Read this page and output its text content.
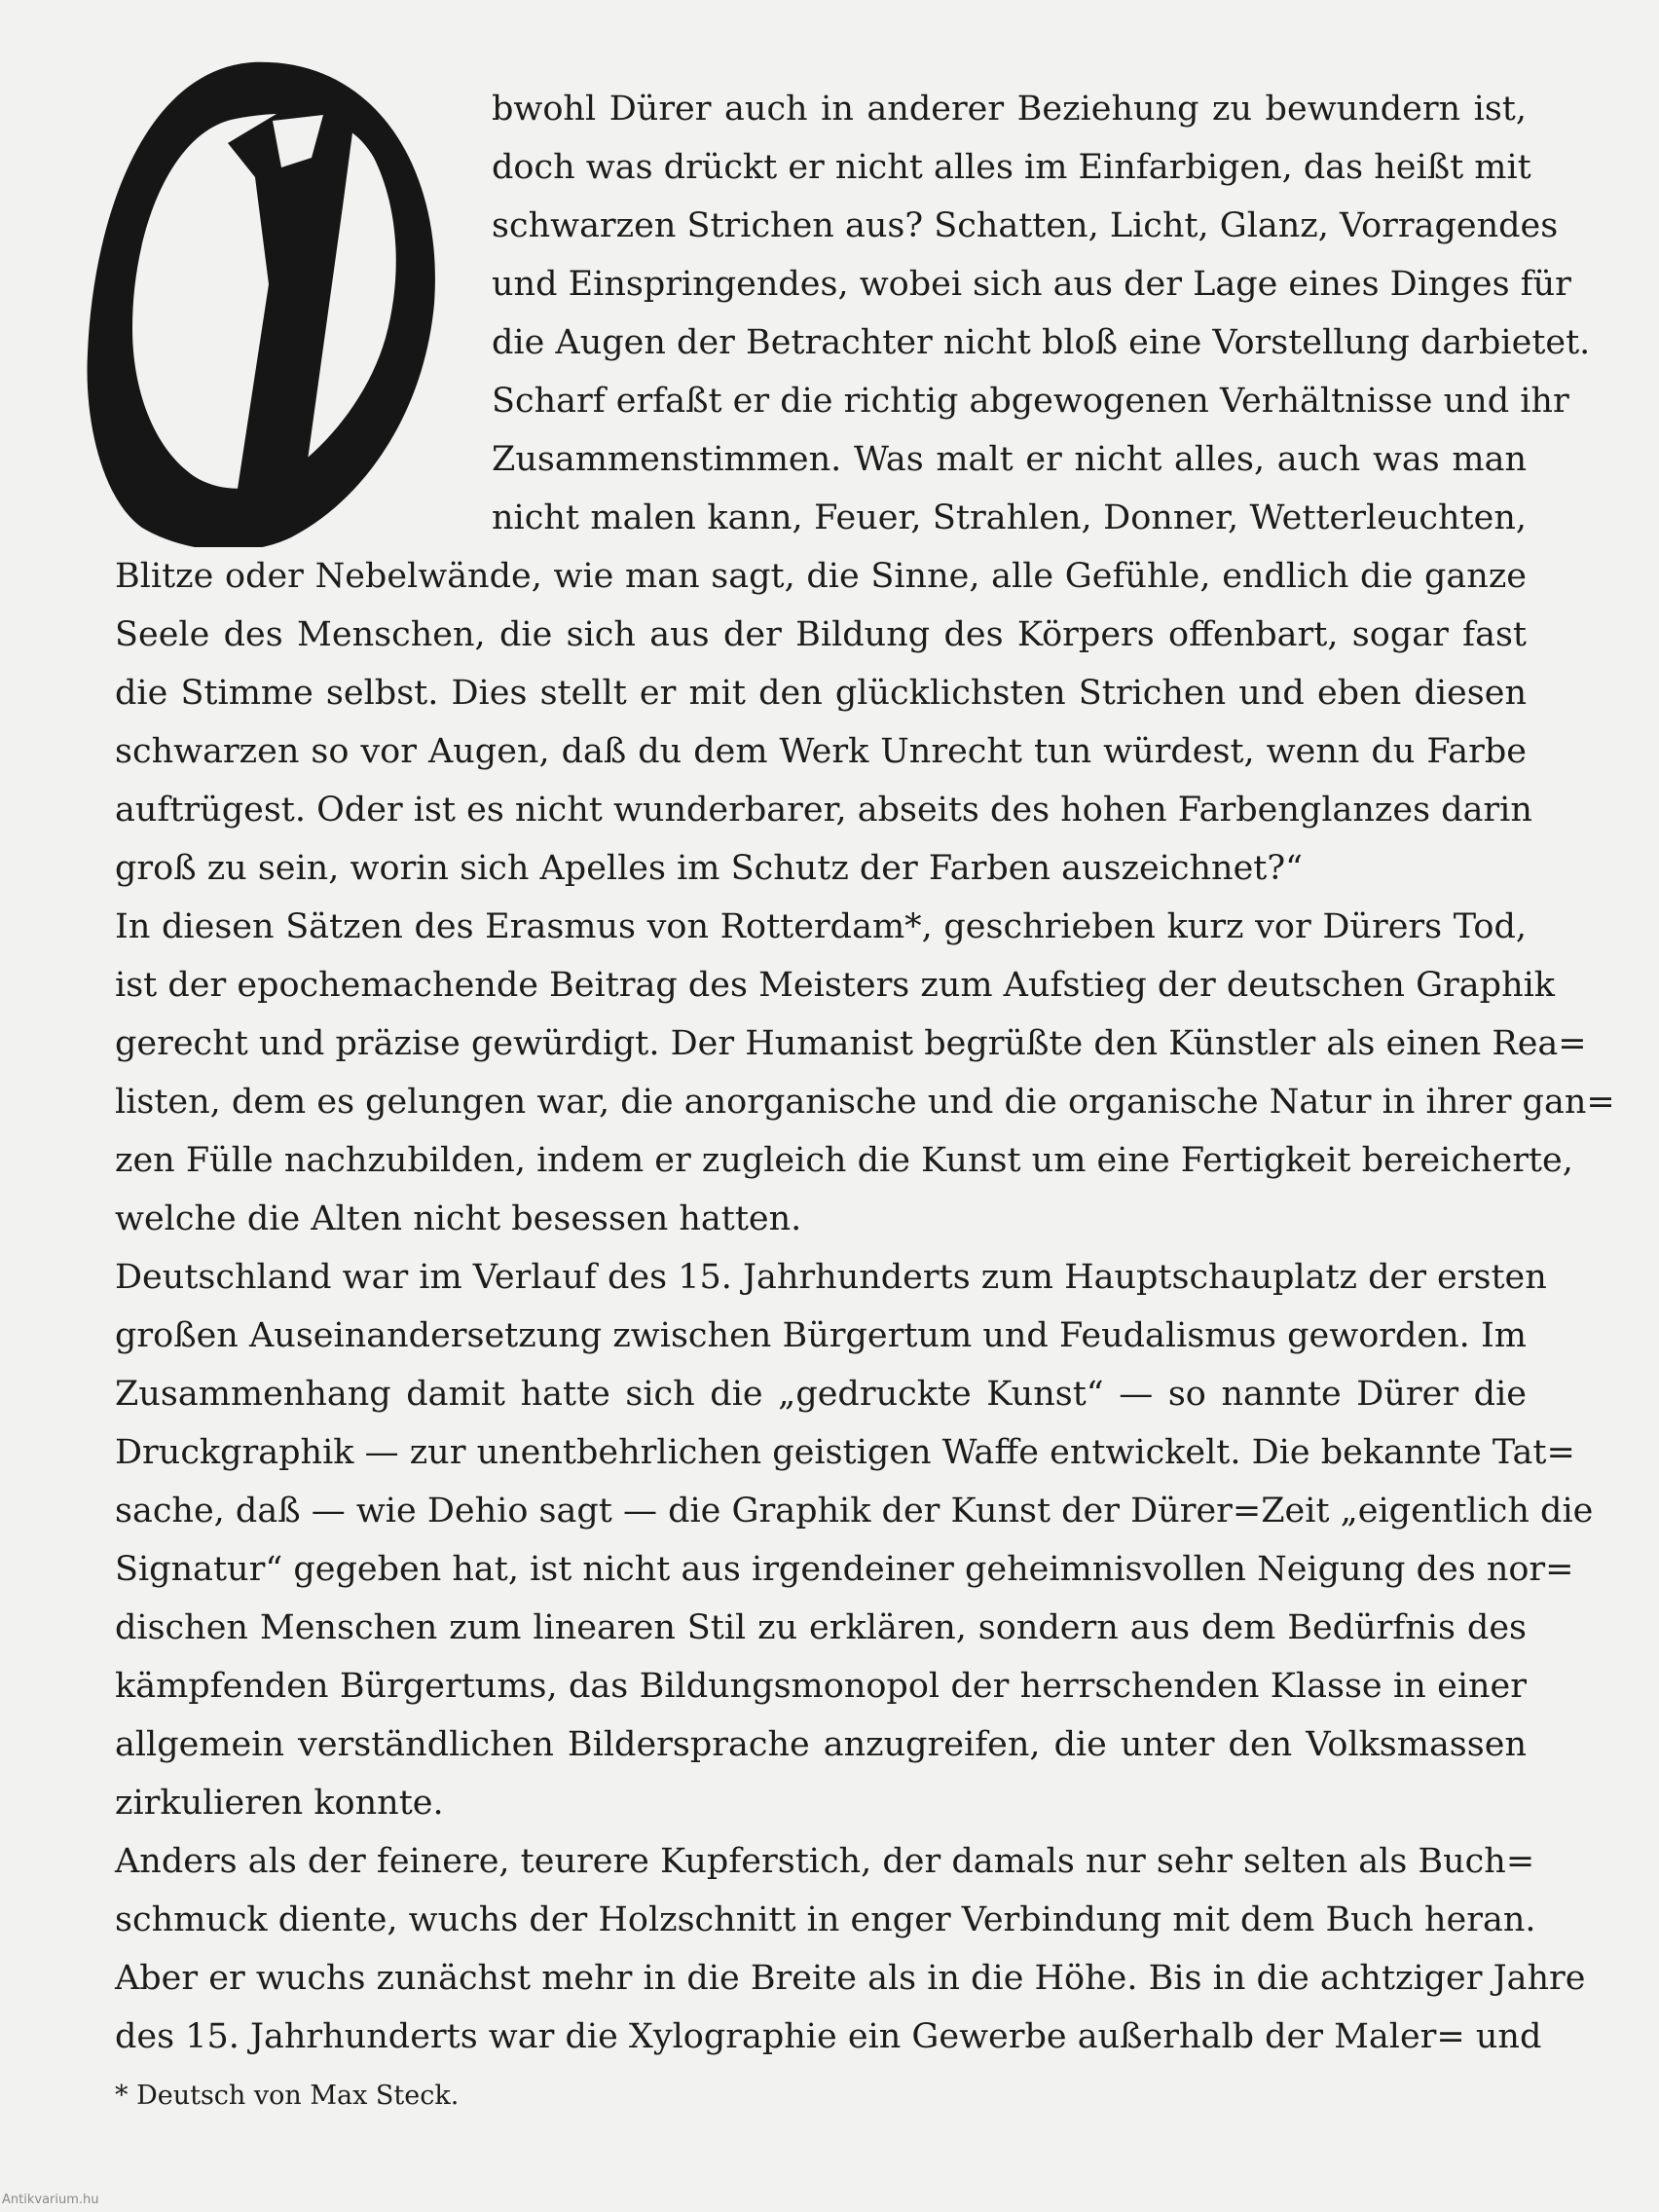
bwohl Dürer auch in anderer Beziehung zu bewundern ist,
doch was drückt er nicht alles im Einfarbigen, das heißt mit
schwarzen Strichen aus? Schatten, Licht, Glanz, Vorragendes
und Einspringendes, wobei sich aus der Lage eines Dinges für
die Augen der Betrachter nicht bloß eine Vorstellung darbietet.
Scharf erfaßt er die richtig abgewogenen Verhältnisse und ihr
Zusammenstimmen. Was malt er nicht alles, auch was man
nicht malen kann, Feuer, Strahlen, Donner, Wetterleuchten,
Blitze oder Nebelwände, wie man sagt, die Sinne, alle Gefühle, endlich die ganze
Seele des Menschen, die sich aus der Bildung des Körpers offenbart, sogar fast
die Stimme selbst. Dies stellt er mit den glücklichsten Strichen und eben diesen
schwarzen so vor Augen, daß du dem Werk Unrecht tun würdest, wenn du Farbe
auftrügest. Oder ist es nicht wunderbarer, abseits des hohen Farbenglanzes darin
groß zu sein, worin sich Apelles im Schutz der Farben auszeichnet?“
In diesen Sätzen des Erasmus von Rotterdam*, geschrieben kurz vor Dürers Tod,
ist der epochemachende Beitrag des Meisters zum Aufstieg der deutschen Graphik
gerecht und präzise gewürdigt. Der Humanist begrüßte den Künstler als einen Rea=
listen, dem es gelungen war, die anorganische und die organische Natur in ihrer gan=
zen Fülle nachzubilden, indem er zugleich die Kunst um eine Fertigkeit bereicherte,
welche die Alten nicht besessen hatten.
Deutschland war im Verlauf des 15. Jahrhunderts zum Hauptschauplatz der ersten
großen Auseinandersetzung zwischen Bürgertum und Feudalismus geworden. Im
Zusammenhang damit hatte sich die „gedruckte Kunst“ — so nannte Dürer die
Druckgraphik — zur unentbehrlichen geistigen Waffe entwickelt. Die bekannte Tat=
sache, daß — wie Dehio sagt — die Graphik der Kunst der Dürer=Zeit „eigentlich die
Signatur“ gegeben hat, ist nicht aus irgendeiner geheimnisvollen Neigung des nor=
dischen Menschen zum linearen Stil zu erklären, sondern aus dem Bedürfnis des
kämpfenden Bürgertums, das Bildungsmonopol der herrschenden Klasse in einer
allgemein verständlichen Bildersprache anzugreifen, die unter den Volksmassen
zirkulieren konnte.
Anders als der feinere, teurere Kupferstich, der damals nur sehr selten als Buch=
schmuck diente, wuchs der Holzschnitt in enger Verbindung mit dem Buch heran.
Aber er wuchs zunächst mehr in die Breite als in die Höhe. Bis in die achtziger Jahre
des 15. Jahrhunderts war die Xylographie ein Gewerbe außerhalb der Maler= und
* Deutsch von Max Steck.
Antikvarium.hu
